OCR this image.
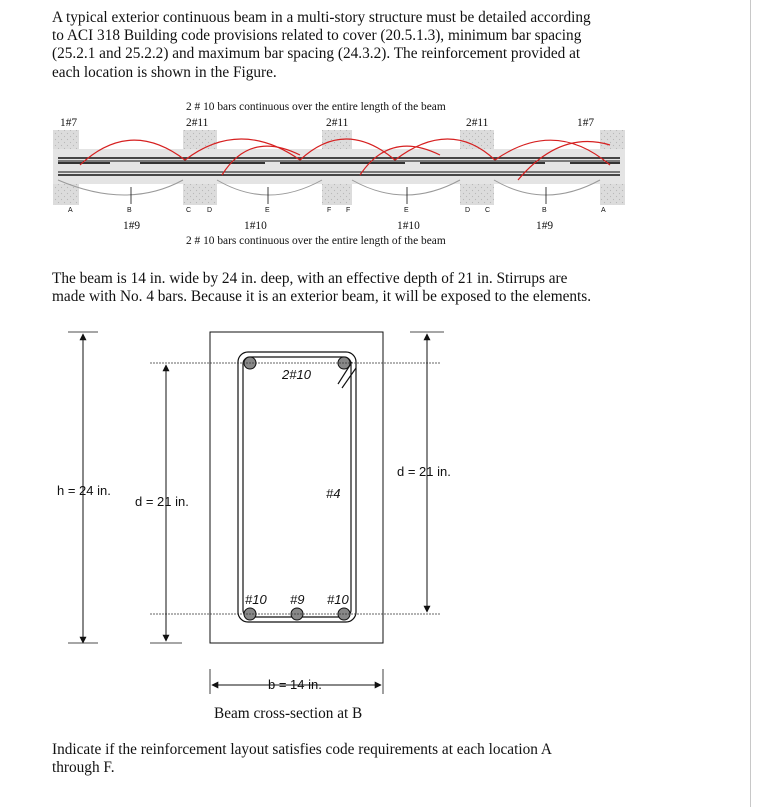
A typical exterior continuous beam in a multi-story structure must be detailed according
to ACI 318 Building code provisions related to cover (20.5.1.3), minimum bar spacing
(25.2.1 and 25.2.2) and maximum bar spacing (24.3.2). The reinforcement provided at
each location is shown in the Figure.
2 # 10 bars continuous over the entire length of the beam
2 # 10 bars continuous over the entire length of the beam
1#7	2#11	2#11	2#11	1#7
1#9	1#10	1#10	1#9
A	B	C D	E	F F	E	D C	B	A
The beam is 14 in. wide by 24 in. deep, with an effective depth of 21 in. Stirrups are
made with No. 4 bars. Because it is an exterior beam, it will be exposed to the elements.
h = 24 in.
d = 21 in.
d = 21 in.
2#10
#4
#10 #9 #10
b = 14 in.
Beam cross-section at B
Indicate if the reinforcement layout satisfies code requirements at each location A
through F.
